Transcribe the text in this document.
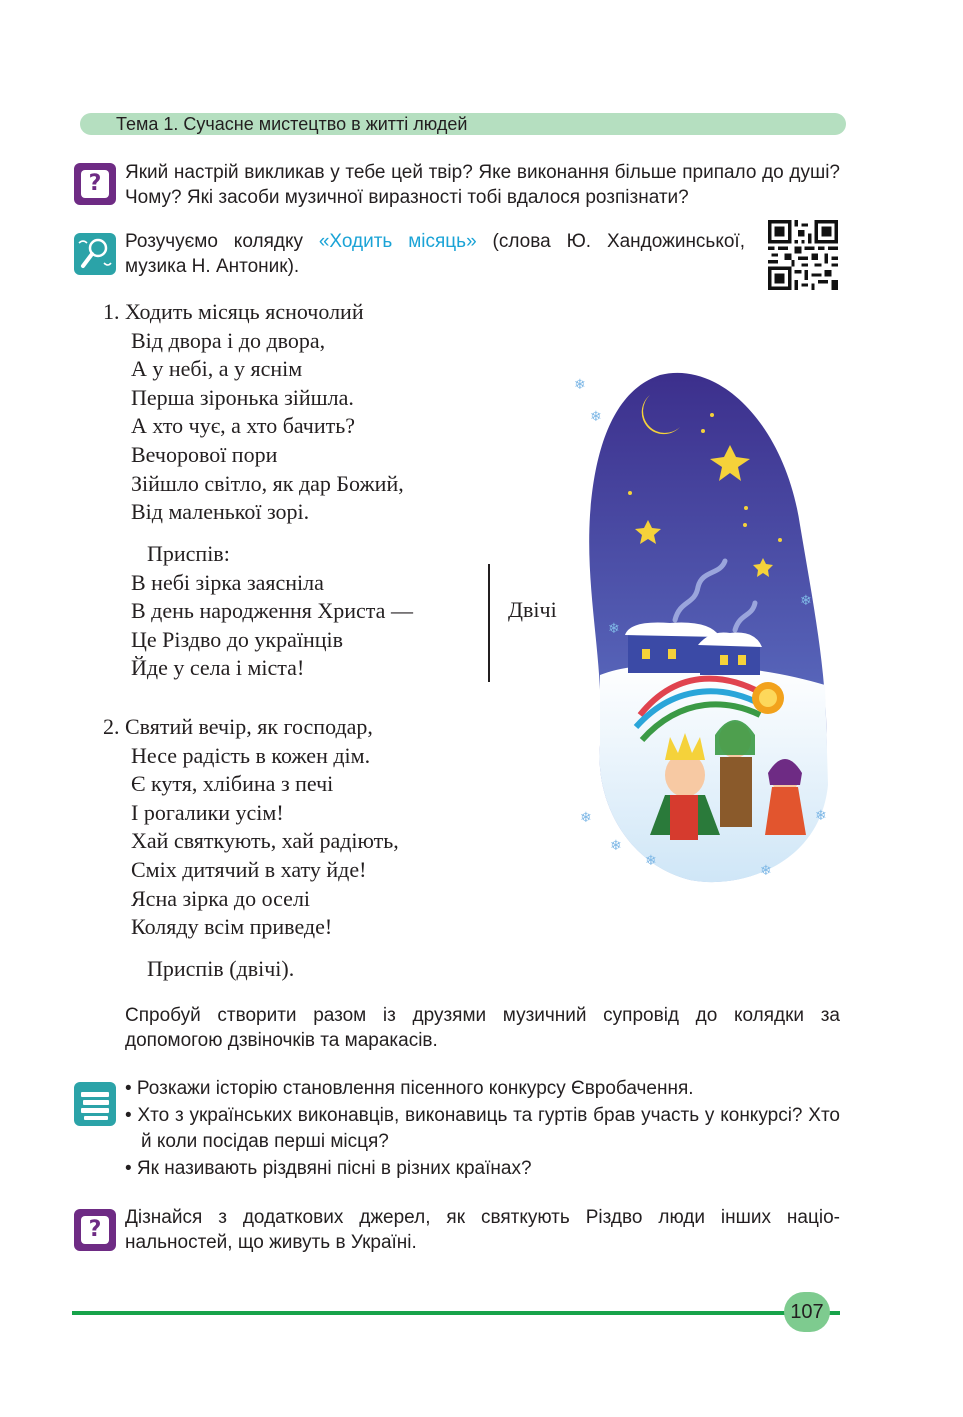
Тема 1. Сучасне мистецтво в житті людей
?	Який настрій викликав у тебе цей твір? Яке виконання більше припало до душі? Чому? Які засоби музичної виразності тобі вдалося розпізнати?
Розучуємо колядку «Ходить місяць» (слова Ю. Хандожинської, музика Н. Антоник).
1. Ходить місяць ясночолий
Від двора і до двора,
А у небі, а у яснім
Перша зіронька зійшла.
А хто чує, а хто бачить?
Вечорової пори
Зійшло світло, як дар Божий,
Від маленької зорі.
Приспів:
В небі зірка заясніла
В день народження Христа —
Це Різдво до українців
Йде у села і міста!
Двічі
2. Святий вечір, як господар,
Несе радість в кожен дім.
Є кутя, хлібина з печі
І рогалики усім!
Хай святкують, хай радіють,
Сміх дитячий в хату йде!
Ясна зірка до оселі
Коляду всім приведе!
Приспів (двічі).
❄
❄
❄
❄
❄
❄
❄
❄
❄
Спробуй створити разом із друзями музичний супровід до колядки за допомогою дзвіночків та маракасів.
• Розкажи історію становлення пісенного конкурсу Євробачення.
• Хто з українських виконавців, виконавиць та гуртів брав участь у конкурсі? Хто й коли посідав перші місця?
• Як називають різдвяні пісні в різних країнах?
?	Дізнайся з додаткових джерел, як святкують Різдво люди інших національностей, що живуть в Україні.
107
